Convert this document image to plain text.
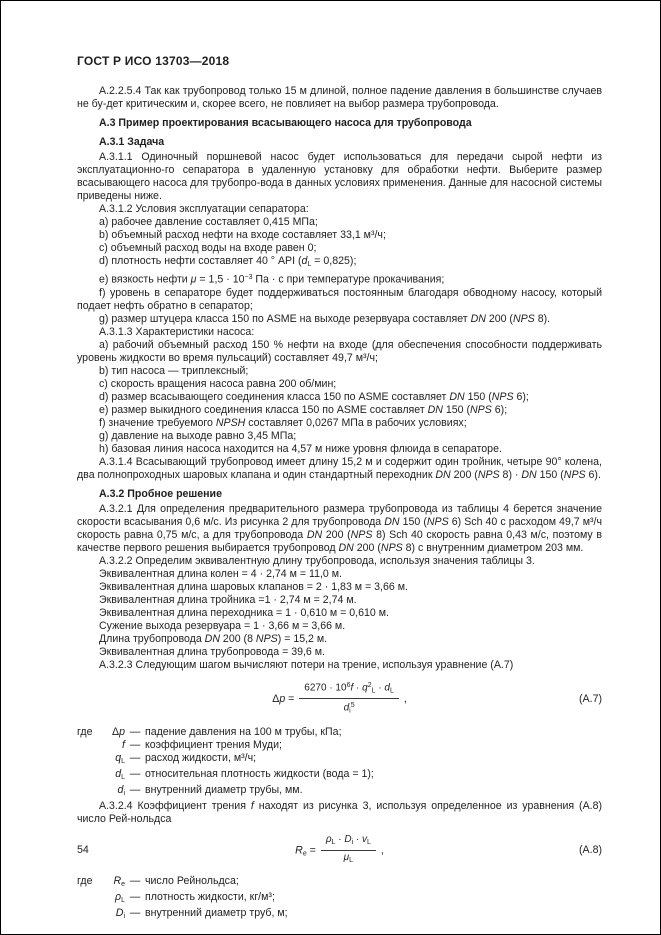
ГОСТ Р ИСО 13703—2018
А.2.2.5.4 Так как трубопровод только 15 м длиной, полное падение давления в большинстве случаев не бу-дет критическим и, скорее всего, не повлияет на выбор размера трубопровода.
А.3 Пример проектирования всасывающего насоса для трубопровода
А.3.1 Задача
А.3.1.1 Одиночный поршневой насос будет использоваться для передачи сырой нефти из эксплуатационно-го сепаратора в удаленную установку для обработки нефти. Выберите размер всасывающего насоса для трубопро-вода в данных условиях применения. Данные для насосной системы приведены ниже.
А.3.1.2 Условия эксплуатации сепаратора:
a) рабочее давление составляет 0,415 МПа;
b) объемный расход нефти на входе составляет 33,1 м³/ч;
c) объемный расход воды на входе равен 0;
d) плотность нефти составляет 40 ° API (dL = 0,825);
e) вязкость нефти $\mu = 1,5 \cdot 10^{-3}$ Па · с при температуре прокачивания;
f) уровень в сепараторе будет поддерживаться постоянным благодаря обводному насосу, который подает нефть обратно в сепаратор;
g) размер штуцера класса 150 по ASME на выходе резервуара составляет DN 200 (NPS 8).
А.3.1.3 Характеристики насоса:
a) рабочий объемный расход 150 % нефти на входе (для обеспечения способности поддерживать уровень жидкости во время пульсаций) составляет 49,7 м³/ч;
b) тип насоса — триплексный;
c) скорость вращения насоса равна 200 об/мин;
d) размер всасывающего соединения класса 150 по ASME составляет DN 150 (NPS 6);
e) размер выкидного соединения класса 150 по ASME составляет DN 150 (NPS 6);
f) значение требуемого NPSH составляет 0,0267 МПа в рабочих условиях;
g) давление на выходе равно 3,45 МПа;
h) базовая линия насоса находится на 4,57 м ниже уровня флюида в сепараторе.
А.3.1.4 Всасывающий трубопровод имеет длину 15,2 м и содержит один тройник, четыре 90° колена, два полнопроходных шаровых клапана и один стандартный переходник DN 200 (NPS 8) · DN 150 (NPS 6).
А.3.2 Пробное решение
А.3.2.1 Для определения предварительного размера трубопровода из таблицы 4 берется значение скорости всасывания 0,6 м/с. Из рисунка 2 для трубопровода DN 150 (NPS 6) Sch 40 с расходом 49,7 м³/ч скорость равна 0,75 м/с, а для трубопровода DN 200 (NPS 8) Sch 40 скорость равна 0,43 м/с, поэтому в качестве первого решения выбирается трубопровод DN 200 (NPS 8) с внутренним диаметром 203 мм.
А.3.2.2 Определим эквивалентную длину трубопровода, используя значения таблицы 3.
Эквивалентная длина колен = 4 · 2,74 м = 11,0 м.
Эквивалентная длина шаровых клапанов = 2 · 1,83 м = 3,66 м.
Эквивалентная длина тройника =1 · 2,74 м = 2,74 м.
Эквивалентная длина переходника = 1 · 0,610 м = 0,610 м.
Сужение выхода резервуара = 1 · 3,66 м = 3,66 м.
Длина трубопровода DN 200 (8 NPS) = 15,2 м.
Эквивалентная длина трубопровода = 39,6 м.
А.3.2.3 Следующим шагом вычисляют потери на трение, используя уравнение (А.7)
$\Delta p = \frac{6270 \cdot 10^6f \cdot q^2_L \cdot d_L}{d_i^5}$ ,	(А.7)
где	Δp — падение давления на 100 м трубы, кПа;
f — коэффициент трения Муди;
qL — расход жидкости, м³/ч;
dL — относительная плотность жидкости (вода = 1);
di — внутренний диаметр трубы, мм.
А.3.2.4 Коэффициент трения f находят из рисунка 3, используя определенное из уравнения (А.8) число Рей-нольдса
$Re = \frac{\rho_L \cdot D_i \cdot v_L}{\mu_L}$ ,	(А.8)
где	Re — число Рейнольдса;
ρL — плотность жидкости, кг/м³;
Di — внутренний диаметр труб, м;
54
